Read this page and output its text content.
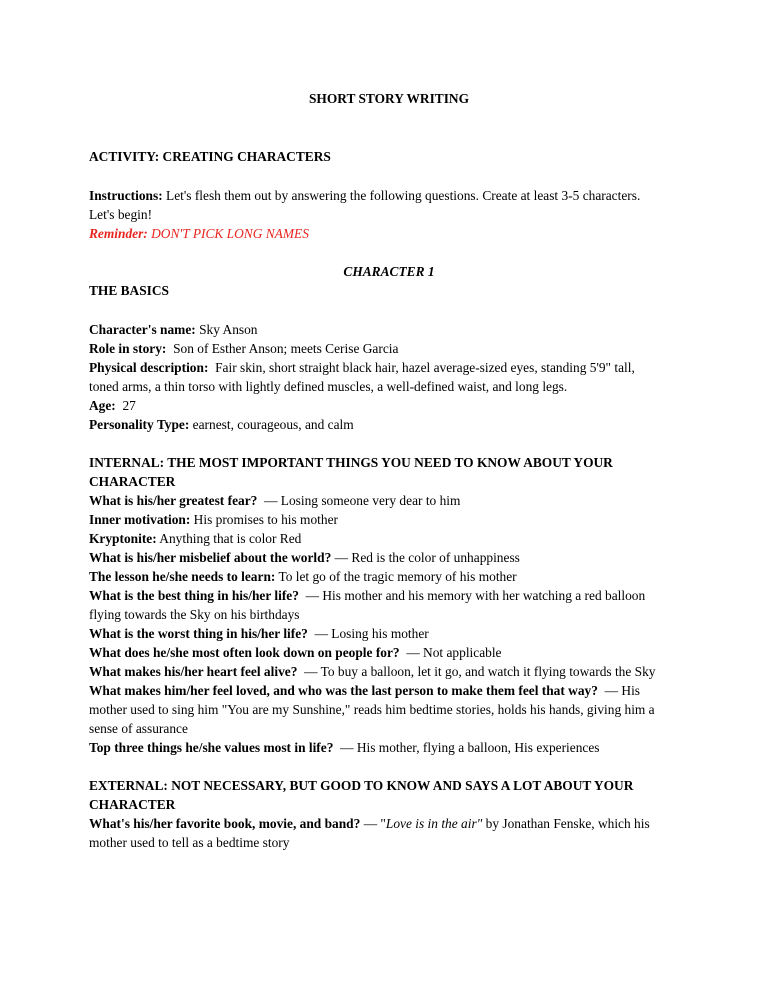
SHORT STORY WRITING

ACTIVITY: CREATING CHARACTERS

Instructions: Let's flesh them out by answering the following questions. Create at least 3-5 characters.

Let's begin!

Reminder: DON'T PICK LONG NAMES

CHARACTER 1

THE BASICS

Character's name: Sky Anson

Role in story: Son of Esther Anson; meets Cerise Garcia

Physical description: Fair skin, short straight black hair, hazel average-sized eyes, standing 5'9" tall,

toned arms, a thin torso with lightly defined muscles, a well-defined waist, and long legs.

Age: 27

Personality Type: earnest, courageous, and calm

INTERNAL: THE MOST IMPORTANT THINGS YOU NEED TO KNOW ABOUT YOUR

CHARACTER

What is his/her greatest fear? — Losing someone very dear to him

Inner motivation: His promises to his mother

Kryptonite: Anything that is color Red

What is his/her misbelief about the world? — Red is the color of unhappiness

The lesson he/she needs to learn: To let go of the tragic memory of his mother

What is the best thing in his/her life? — His mother and his memory with her watching a red balloon

flying towards the Sky on his birthdays

What is the worst thing in his/her life? — Losing his mother

What does he/she most often look down on people for? — Not applicable

What makes his/her heart feel alive? — To buy a balloon, let it go, and watch it flying towards the Sky

What makes him/her feel loved, and who was the last person to make them feel that way? — His

mother used to sing him "You are my Sunshine," reads him bedtime stories, holds his hands, giving him a

sense of assurance

Top three things he/she values most in life? — His mother, flying a balloon, His experiences

EXTERNAL: NOT NECESSARY, BUT GOOD TO KNOW AND SAYS A LOT ABOUT YOUR

CHARACTER

What's his/her favorite book, movie, and band? — "Love is in the air" by Jonathan Fenske, which his

mother used to tell as a bedtime story
